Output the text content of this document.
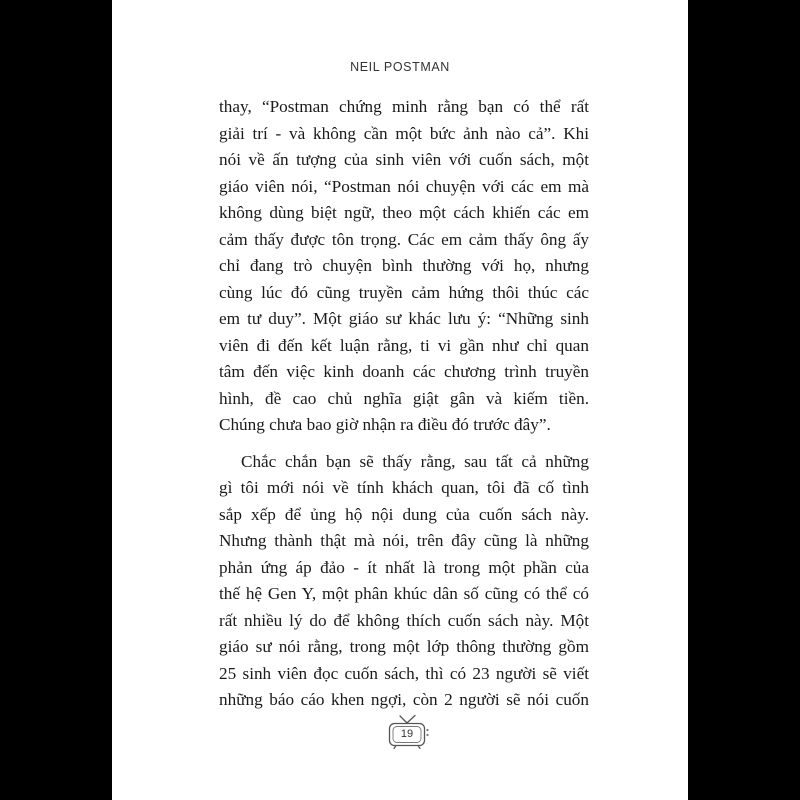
NEIL POSTMAN
thay, “Postman chứng minh rằng bạn có thể rất
giải trí - và không cần một bức ảnh nào cả”. Khi
nói về ấn tượng của sinh viên với cuốn sách, một
giáo viên nói, “Postman nói chuyện với các em mà
không dùng biệt ngữ, theo một cách khiến các em
cảm thấy được tôn trọng. Các em cảm thấy ông ấy
chỉ đang trò chuyện bình thường với họ, nhưng
cùng lúc đó cũng truyền cảm hứng thôi thúc các
em tư duy”. Một giáo sư khác lưu ý: “Những sinh
viên đi đến kết luận rằng, ti vi gần như chỉ quan
tâm đến việc kinh doanh các chương trình truyền
hình, đề cao chủ nghĩa giật gân và kiếm tiền.
Chúng chưa bao giờ nhận ra điều đó trước đây”.
Chắc chắn bạn sẽ thấy rằng, sau tất cả những
gì tôi mới nói về tính khách quan, tôi đã cố tình
sắp xếp để ủng hộ nội dung của cuốn sách này.
Nhưng thành thật mà nói, trên đây cũng là những
phản ứng áp đảo - ít nhất là trong một phần của
thế hệ Gen Y, một phân khúc dân số cũng có thể có
rất nhiều lý do để không thích cuốn sách này. Một
giáo sư nói rằng, trong một lớp thông thường gồm
25 sinh viên đọc cuốn sách, thì có 23 người sẽ viết
những báo cáo khen ngợi, còn 2 người sẽ nói cuốn
19
